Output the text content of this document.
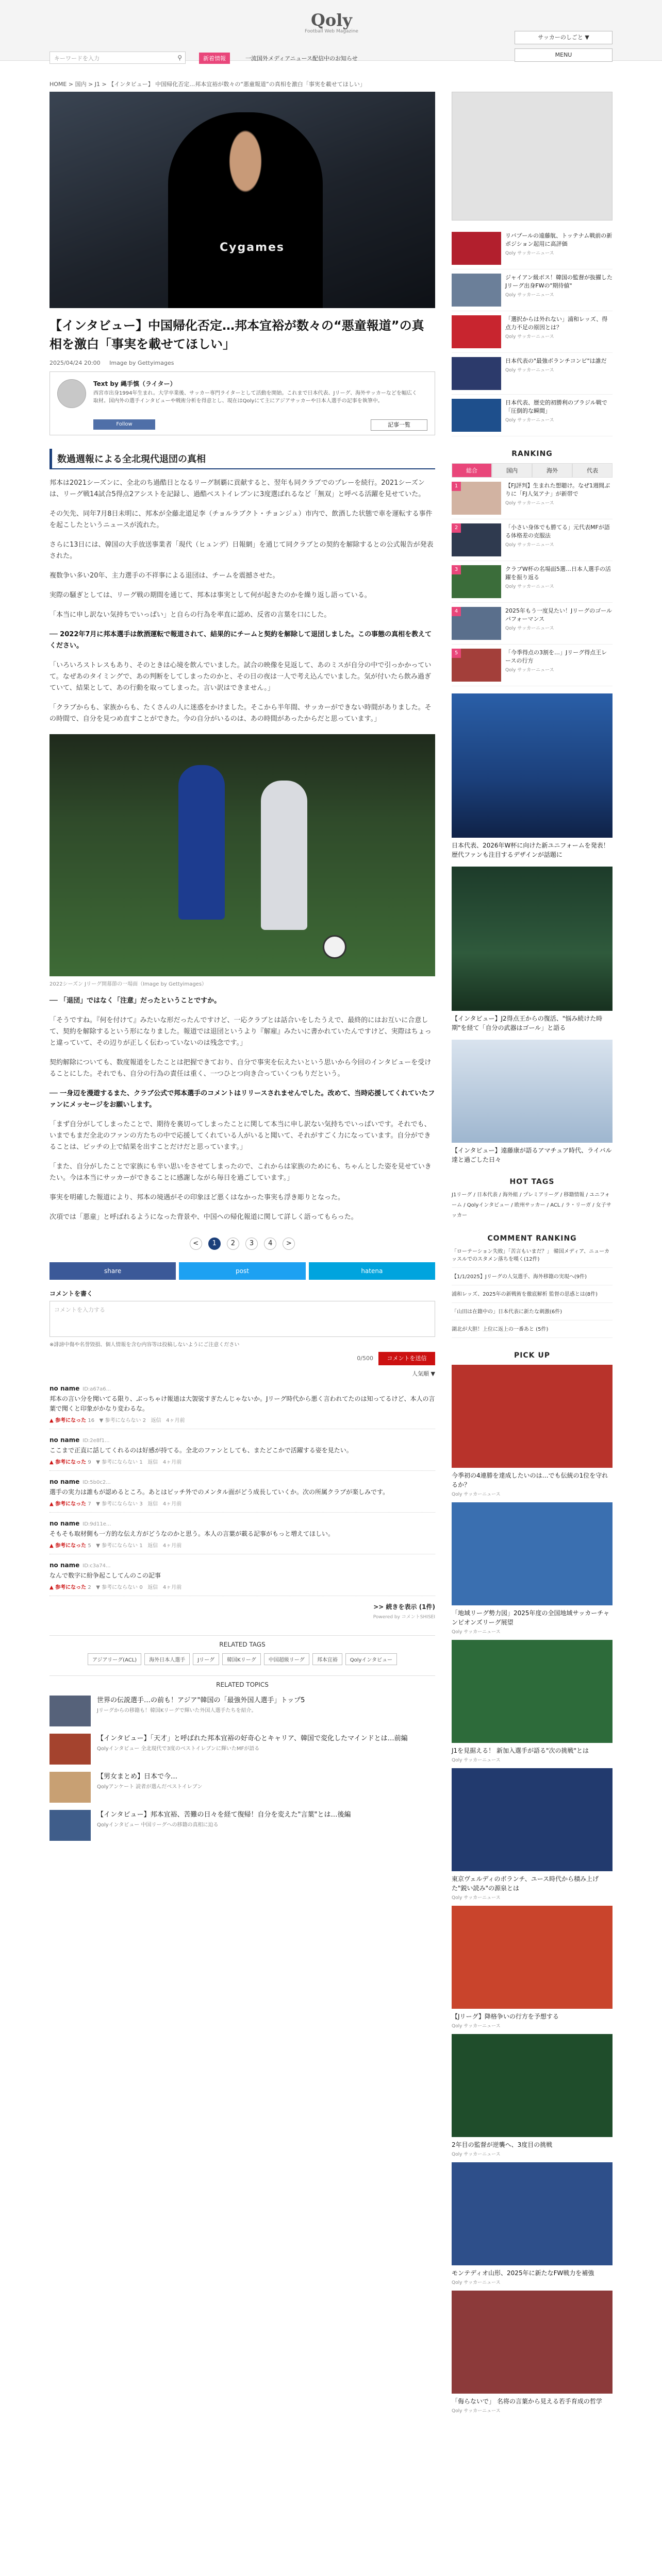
Qoly
Football Web Magazine
サッカーのしごと ▼
MENU
キーワードを入力	⚲	新着情報	一流国外メディアニュース配信中のお知らせ
HOME > 国内 > J1 > 【インタビュー】 中国帰化否定…邦本宜裕が数々の“悪童報道”の真相を激白「事実を載せてほしい」
Cygames
【インタビュー】中国帰化否定…邦本宜裕が数々の“悪童報道”の真相を激白「事実を載せてほしい」
2025/04/24 20:00 Image by Gettyimages
Text by 縄手慎（ライター）
西宮市出身1994年生まれ。大学卒業後、サッカー専門ライターとして活動を開始。これまで日本代表、Jリーグ、海外サッカーなどを幅広く取材。国内外の選手インタビューや戦術分析を得意とし、現在はQolyにて主にアジアサッカーや日本人選手の記事を執筆中。
Follow	記事一覧
数過週報による全北現代退団の真相

邦本は2021シーズンに、全北のち過酷日となるリーグ制覇に貢献すると、翌年も同クラブでのプレーを続行。2021シーズンは、リーグ戦14試合5得点2アシストを記録し、過酷ベストイレブンに3度選ばれるなど「無双」と呼べる活躍を見せていた。

その矢先、同年7月8日未明に、邦本が全藤北道足李（チョルラブクト・チョンジュ）市内で、飲酒した状態で車を運転する事件を起こしたというニュースが流れた。

さらに13日には、韓国の大手放送事業者「現代（ヒュンデ）日報網」を通じて同クラブとの契約を解除するとの公式報告が発表された。

複数争い多い20年、主力選手の不祥事による退団は、チームを震撼させた。

実際の騒ぎとしては、リーグ戦の期間を通じて、邦本は事実として何が起きたのかを繰り返し語っている。

「本当に申し訳ない気持ちでいっぱい」と自らの行為を率直に認め、反省の言葉を口にした。

── 2022年7月に邦本選手は飲酒運転で報道されて、結果的にチームと契約を解除して退団しました。この事態の真相を教えてください。

「いろいろストレスもあり、そのときは心境を飲んでいました。試合の映像を見返して、あのミスが自分の中で引っかかっていて。なぜあのタイミングで、あの判断をしてしまったのかと、その日の夜は一人で考え込んでいました。気が付いたら飲み過ぎていて、結果として、あの行動を取ってしまった。言い訳はできません。」

「クラブからも、家族からも、たくさんの人に迷惑をかけました。そこから半年間、サッカーができない時間がありました。その時間で、自分を見つめ直すことができた。今の自分がいるのは、あの時間があったからだと思っています。」

2022シーズン Jリーグ開幕節の一場面（Image by Gettyimages）

── 「退団」ではなく「注意」だったということですか。

「そうですね。『何を付けて』みたいな形だったんですけど、一応クラブとは話合いをしたうえで、最終的にはお互いに合意して、契約を解除するという形になりました。報道では退団というより『解雇』みたいに書かれていたんですけど、実際はちょっと違っていて、その辺りが正しく伝わっていないのは残念です。」

契約解除についても、数度報道をしたことは把握できており、自分で事実を伝えたいという思いから今回のインタビューを受けることにした。それでも、自分の行為の責任は重く、一つひとつ向き合っていくつもりだという。

── 一身辺を漫遊するまた、クラブ公式で邦本選手のコメントはリリースされませんでした。改めて、当時応援してくれていたファンにメッセージをお願いします。

「まず自分がしてしまったことで、期待を裏切ってしまったことに関して本当に申し訳ない気持ちでいっぱいです。それでも、いまでもまだ全北のファンの方たちの中で応援してくれている人がいると聞いて、それがすごく力になっています。自分ができることは、ピッチの上で結果を出すことだけだと思っています。」

「また、自分がしたことで家族にも辛い思いをさせてしまったので、これからは家族のためにも、ちゃんとした姿を見せていきたい。今は本当にサッカーができることに感謝しながら毎日を過ごしています。」

事実を明確した報道により、邦本の境遇がその印象ほど悪くはなかった事実も浮き彫りとなった。

次項では「悪童」と呼ばれるようになった背景や、中国への帰化報道に関して詳しく語ってもらった。

< 1 2 3 4 >
share	post	hatena
コメントを書く
コメントを入力する
※誹謗中傷や名誉毀損、個人情報を含む内容等は投稿しないようにご注意ください
0/500	コメントを送信
人気順 ▼
no name ID:a67a6...
邦本の言い分を聞いてる限り、ぶっちゃけ報道は大袈裟すぎたんじゃないか。Jリーグ時代から悪く言われてたのは知ってるけど、本人の言葉で聞くと印象がかなり変わるな。
▲ 参考になった 16 ▼ 参考にならない 2 返信 4ヶ月前
no name ID:2e8f1...
ここまで正直に話してくれるのは好感が持てる。全北のファンとしても、またどこかで活躍する姿を見たい。
▲ 参考になった 9 ▼ 参考にならない 1 返信 4ヶ月前
no name ID:5b0c2...
選手の実力は誰もが認めるところ。あとはピッチ外でのメンタル面がどう成長していくか。次の所属クラブが楽しみです。
▲ 参考になった 7 ▼ 参考にならない 3 返信 4ヶ月前
no name ID:9d11e...
そもそも取材側も一方的な伝え方がどうなのかと思う。本人の言葉が載る記事がもっと増えてほしい。
▲ 参考になった 5 ▼ 参考にならない 1 返信 4ヶ月前
no name ID:c3a74...
なんで数字に紛争起こしてんのこの記事
▲ 参考になった 2 ▼ 参考にならない 0 返信 4ヶ月前
>> 続きを表示 (1件)
Powered by コメントSHISEI
RELATED TAGS
アジアリーグ(ACL)	海外日本人選手	Jリーグ	韓国Kリーグ	中国超級リーグ	邦本宜裕	Qolyインタビュー
RELATED TOPICS
世界の伝説選手…の前も！アジア"韓国の「最強外国人選手」トップ5
Jリーグからの移籍も！韓国Kリーグで輝いた外国人選手たちを紹介。
【インタビュー】「天才」と呼ばれた邦本宜裕の好奇心とキャリア、韓国で変化したマインドとは…前編
Qolyインタビュー 全北現代で3度のベストイレブンに輝いたMFが語る
【男女まとめ】日本で今…
Qolyアンケート 読者が選んだベストイレブン
【インタビュー】邦本宜裕、苦難の日々を経て復帰！自分を変えた"言葉"とは…後編
Qolyインタビュー 中国リーグへの移籍の真相に迫る
リバプールの遠藤航、トッテナム戦前の新ポジション起用に高評価
Qoly サッカーニュース
ジャイアン級ボス！韓国の監督が抜擢したJリーグ出身FWの"期待値"
Qoly サッカーニュース
「選択からは外れない」浦和レッズ、得点力不足の原因とは？
Qoly サッカーニュース
日本代表の"最強ボランチコンビ"は誰だ
Qoly サッカーニュース
日本代表、歴史的初勝利のブラジル戦で「圧倒的な瞬間」
Qoly サッカーニュース
RANKING
総合	国内	海外	代表
1	【FJ評判】生まれた想聴け。なぜ1週間ぶりに「FJ人気アナ」が新帯で
Qoly サッカーニュース
2	「小さい身体でも勝てる」元代表MFが語る体格差の克服法
Qoly サッカーニュース
3	クラブW杯の名場面5選…日本人選手の活躍を振り返る
Qoly サッカーニュース
4	2025年もう一度見たい！Jリーグのゴールパフォーマンス
Qoly サッカーニュース
5	「今季得点の3割を…」Jリーグ得点王レースの行方
Qoly サッカーニュース
日本代表、2026年W杯に向けた新ユニフォームを発表！ 歴代ファンも注目するデザインが話題に
【インタビュー】J2得点王からの復活、"悩み続けた時期"を経て「自分の武器はゴール」と語る
【インタビュー】遠藤康が語るアマチュア時代、ライバル達と過ごした日々
HOT TAGS
J1リーグ / 日本代表 / 海外組 / プレミアリーグ / 移籍情報 / ユニフォーム / Qolyインタビュー / 欧州サッカー / ACL / ラ・リーガ / 女子サッカー
COMMENT RANKING
「ローテーション失敗」「苦言もいまだ？」 韓国メディア、ニューカッスルでのスタメン落ちを嘆く(12件)
【1/1/2025】Jリーグの人気選手、海外移籍の実現へ(9件)
浦和レッズ、2025年の新戦術を徹底解析 監督の思惑とは(8件)
「山田は在籍中の」日本代表に新たな刺激(6件)
湖北が大胆！上位に返上の一番あと (5件)
PICK UP
今季初の4連勝を達成したいのは…でも伝統の1位を守れるか？
Qoly サッカーニュース
「地域リーグ勢力図」2025年度の全国地域サッカーチャンピオンズリーグ展望
Qoly サッカーニュース
J1を見据える！ 新加入選手が語る"次の挑戦"とは
Qoly サッカーニュース
東京ヴェルディのボランチ、ユース時代から積み上げた"鋭い読み"の源泉とは
Qoly サッカーニュース
【Jリーグ】降格争いの行方を予想する
Qoly サッカーニュース
2年目の監督が逆襲へ、3度目の挑戦
Qoly サッカーニュース
モンテディオ山形、2025年に新たなFW戦力を補強
Qoly サッカーニュース
「侮らないで」 名将の言葉から見える若手育成の哲学
Qoly サッカーニュース
